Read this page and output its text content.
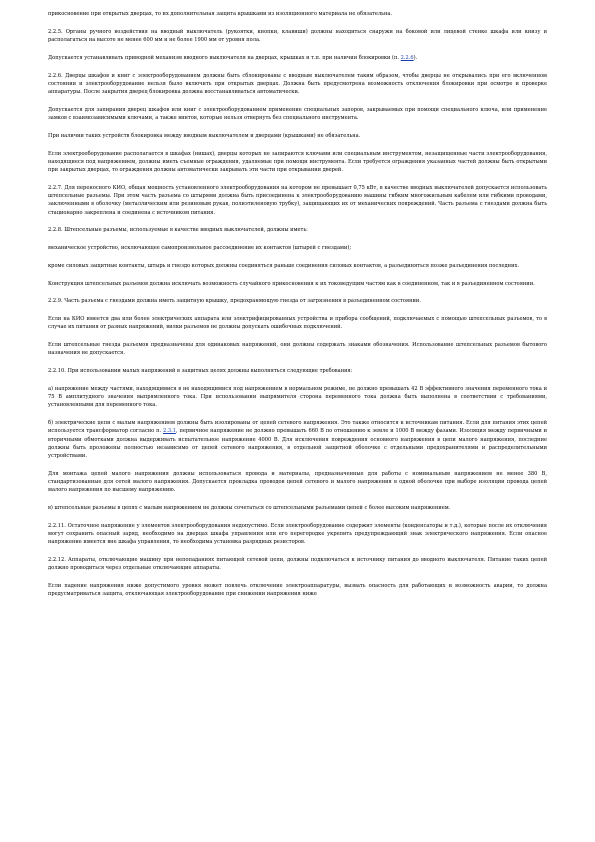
прикосновение при открытых дверцах, то их дополнительная защита крышками из изоляционного материала не обязательна.

2.2.5. Органы ручного воздействия на вводный выключатель (рукоятки, кнопки, клавиши) должны находиться снаружи на боковой или лицевой стенке шкафа или книзу и располагаться на высоте не менее 600 мм и не более 1900 мм от уровня пола.

Допускается устанавливать приводной механизм вводного выключателя на дверцах, крышках и т.п. при наличии блокировки (п. 2.2.6).

2.2.6. Дверцы шкафов и книг с электрооборудованием должны быть сблокированы с вводным выключателем таким образом, чтобы дверцы не открывались при его включенном состоянии и электрооборудование нельзя было включить при открытых дверцах. Должна быть предусмотрена возможность отключения блокировки при осмотре и проверке аппаратуры. После закрытия дверец блокировка должна восстанавливаться автоматически.

Допускается для запирания дверец шкафов или книг с электрооборудованием применение специальных запоров, закрываемых при помощи специального ключа, или применение замков с взаимозависимыми ключами, а также винтов, которые нельзя отвернуть без специального инструмента.

При наличии таких устройств блокировка между вводным выключателем и дверцами (крышками) не обязательна.

Если электрооборудование располагается в шкафах (нишах), дверцы которых не запираются ключами или специальным инструментом, незащищенные части электрооборудования, находящиеся под напряжением, должны иметь съемные ограждения, удаляемые при помощи инструмента. Если требуется ограждения указанных частей должны быть открытыми при закрытых дверцах, то ограждения должны автоматически закрывать эти части при открывании дверей.

2.2.7. Для переносного КИО, общая мощность установленного электрооборудования на котором не превышает 0,75 кВт, в качестве вводных выключателей допускается использовать штепсельные разъемы. При этом часть разъема со штырями должна быть присоединена к электрооборудованию машины гибким многожильным кабелем или гибкими проводами, заключенными в оболочку (металлическим или резиновым рукав, полиэтиленовую трубку), защищающих их от механических повреждений. Часть разъема с гнездами должна быть стационарно закреплена и соединена с источником питания.

2.2.8. Штепсельные разъемы, используемые в качестве вводных выключателей, должны иметь:

механическое устройство, исключающее самопроизвольное рассоединение их контактов (штырей с гнездами);

кроме силовых защитные контакты, штырь и гнездо которых должны соединяться раньше соединения силовых контактов, а разъединяться позже разъединения последних.

Конструкция штепсельных разъемов должна исключать возможность случайного прикосновения к их токоведущим частям как в соединенном, так и в разъединенном состоянии.

2.2.9. Часть разъема с гнездами должна иметь защитную крышку, предохраняющую гнезда от загрязнения в разъединенном состоянии.

Если на КИО имеется два или более электрических аппарата или электрифицированных устройства и прибора сообщений, подключаемых с помощью штепсельных разъемов, то в случае их питания от разных напряжений, вилки разъемов не должны допускать ошибочных подключений.

Если штепсельные гнезда разъемов предназначены для одинаковых напряжений, они должны содержать знаками обозначения. Использование штепсельных разъемов бытового назначения не допускается.

2.2.10. При использовании малых напряжений в защитных целях должны выполняться следующие требования:

а) напряжение между частями, находящимися в не находящимися под напряжением в нормальном режиме, не должно превышать 42 В эффективного значения переменного тока и 75 В амплитудного значения выпрямленного тока. При использовании выпрямителя сторона переменного тока должна быть выполнена в соответствии с требованиями, установленными для переменного тока.

б) электрические цепи с малым напряжением должны быть изолированы от цепей сетевого напряжения. Это также относится к источникам питания. Если для питания этих цепей используется трансформатор согласно п. 2.3.1, первичное напряжение не должно превышать 660 В по отношению к земле и 1000 В между фазами. Изоляция между первичными и вторичными обмотками должна выдерживать испытательное напряжение 4000 В. Для исключения повреждения основного напряжения в цепи малого напряжения, последние должны быть проложены полностью независимо от цепей сетевого напряжения, в отдельной защитной оболочке с отдельными предохранителями и распределительными устройствами.

Для монтажа цепей малого напряжения должны использоваться провода и материалы, предназначенные для работы с номинальным напряжением не менее 380 В, стандартизованные для сетей малого напряжения. Допускается прокладка проводов цепей сетевого и малого напряжения в одной оболочке при выборе изоляции провода цепей малого напряжения по высшему напряжению.

в) штепсельные разъемы в цепях с малым напряжением не должны сочетаться со штепсельными разъемами цепей с более высоким напряжением.

2.2.11. Остаточное напряжение у элементов электрооборудования недопустимо. Если электрооборудование содержит элементы (конденсаторы и т.д.), которые после их отключения могут сохранить опасный заряд, необходимо на дверцах шкафа управления или его перегородке укрепить предупреждающий знак электрического напряжения. Если опасное напряжение имеется вне шкафа управления, то необходима установка разрядных резисторов.

2.2.12. Аппараты, отключающие машину при непопаданиях питающей сетевой цепи, должны подключаться к источнику питания до вводного выключателя. Питание таких цепей должно проводиться через отдельные отключающие аппараты.

Если падение напряжения ниже допустимого уровня может повлечь отключение электроаппаратуры, вызвать опасность для работающих и возможность аварии, то должна предусматриваться защита, отключающая электрооборудование при снижении напряжения ниже
